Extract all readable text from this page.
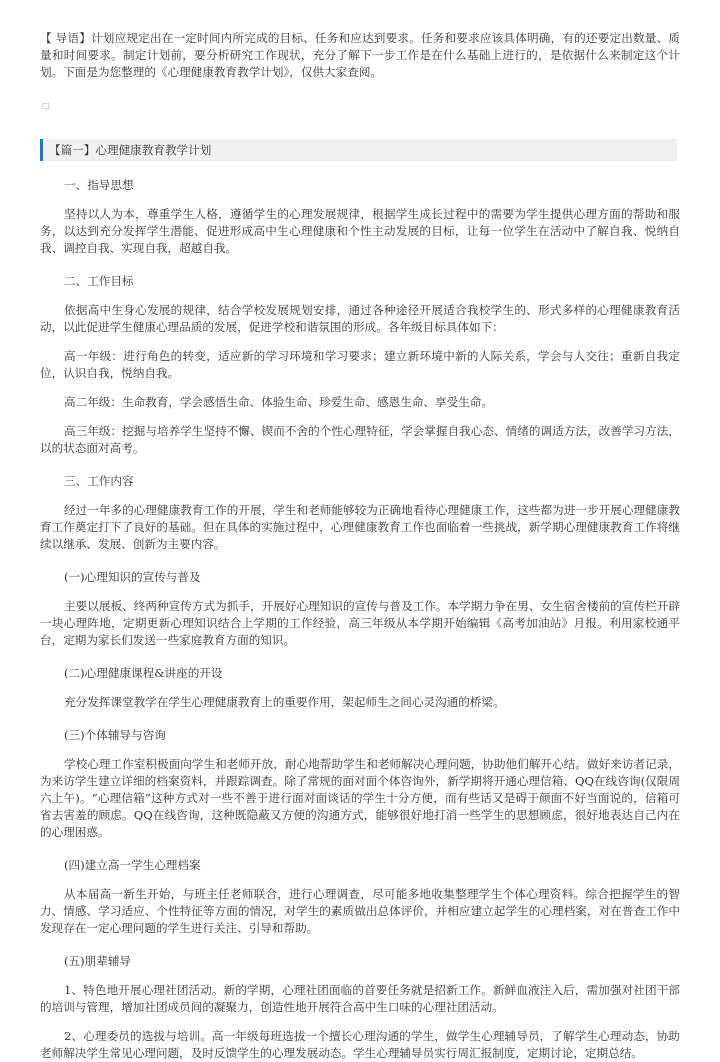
【 导语】计划应规定出在一定时间内所完成的目标、任务和应达到要求。任务和要求应该具体明确，有的还要定出数量、质量和时间要求。制定计划前，要分析研究工作现状，充分了解下一步工作是在什么基础上进行的，是依据什么来制定这个计划。下面是为您整理的《心理健康教育教学计划》，仅供大家查阅。

□
【篇一】心理健康教育教学计划

一、指导思想

坚持以人为本，尊重学生人格，遵循学生的心理发展规律，根据学生成长过程中的需要为学生提供心理方面的帮助和服务，以达到充分发挥学生潜能、促进形成高中生心理健康和个性主动发展的目标，让每一位学生在活动中了解自我、悦纳自我、调控自我、实现自我，超越自我。

二、工作目标

依据高中生身心发展的规律，结合学校发展规划安排，通过各种途径开展适合我校学生的、形式多样的心理健康教育活动，以此促进学生健康心理品质的发展，促进学校和谐氛围的形成。各年级目标具体如下：

高一年级：进行角色的转变，适应新的学习环境和学习要求；建立新环境中新的人际关系，学会与人交往；重新自我定位，认识自我，悦纳自我。

高二年级：生命教育，学会感悟生命、体验生命、珍爱生命、感恩生命、享受生命。

高三年级：挖掘与培养学生坚持不懈、锲而不舍的个性心理特征，学会掌握自我心态、情绪的调适方法，改善学习方法，以的状态面对高考。

三、工作内容

经过一年多的心理健康教育工作的开展，学生和老师能够较为正确地看待心理健康工作，这些都为进一步开展心理健康教育工作奠定打下了良好的基础。但在具体的实施过程中，心理健康教育工作也面临着一些挑战，新学期心理健康教育工作将继续以继承、发展、创新为主要内容。

(一)心理知识的宣传与普及

主要以展板、终两种宣传方式为抓手，开展好心理知识的宣传与普及工作。本学期力争在男、女生宿舍楼前的宣传栏开辟一块心理阵地，定期更新心理知识结合上学期的工作经验，高三年级从本学期开始编辑《高考加油站》月报。利用家校通平台，定期为家长们发送一些家庭教育方面的知识。

(二)心理健康课程&讲座的开设

充分发挥课堂教学在学生心理健康教育上的重要作用，架起师生之间心灵沟通的桥梁。

(三)个体辅导与咨询

学校心理工作室积极面向学生和老师开放，耐心地帮助学生和老师解决心理问题，协助他们解开心结。做好来访者记录，为来访学生建立详细的档案资料，并跟踪调查。除了常规的面对面个体咨询外，新学期将开通心理信箱、QQ在线咨询(仅限周六上午)。“心理信箱”这种方式对一些不善于进行面对面谈话的学生十分方便，而有些话又是碍于颜面不好当面说的，信箱可省去害羞的顾虑。QQ在线咨询，这种既隐蔽又方便的沟通方式，能够很好地打消一些学生的思想顾虑，很好地表达自己内在的心理困惑。

(四)建立高一学生心理档案

从本届高一新生开始，与班主任老师联合，进行心理调查，尽可能多地收集整理学生个体心理资料。综合把握学生的智力、情感、学习适应、个性特征等方面的情况，对学生的素质做出总体评价，并相应建立起学生的心理档案，对在普查工作中发现存在一定心理问题的学生进行关注、引导和帮助。

(五)朋辈辅导

1、特色地开展心理社团活动。新的学期，心理社团面临的首要任务就是招新工作。新鲜血液注入后，需加强对社团干部的培训与管理，增加社团成员间的凝聚力，创造性地开展符合高中生口味的心理社团活动。

2、心理委员的选拔与培训。高一年级每班选拔一个擅长心理沟通的学生，做学生心理辅导员，了解学生心理动态，协助老师解决学生常见心理问题，及时反馈学生的心理发展动态。学生心理辅导员实行周汇报制度，定期讨论，定期总结。
